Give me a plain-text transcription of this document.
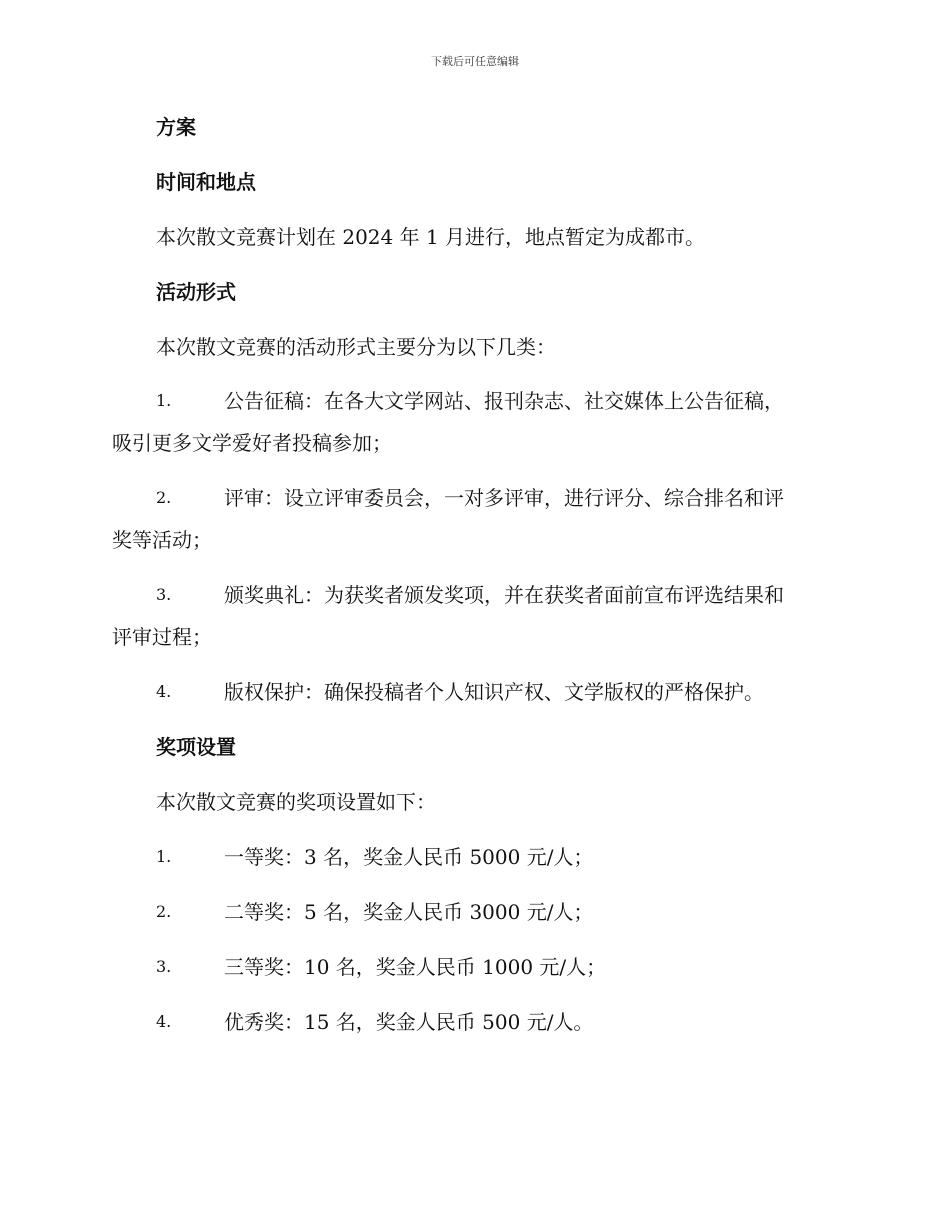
下载后可任意编辑
方案
时间和地点
本次散文竞赛计划在 2024 年 1 月进行，地点暂定为成都市。
活动形式
本次散文竞赛的活动形式主要分为以下几类：
1.	公告征稿：在各大文学网站、报刊杂志、社交媒体上公告征稿，
吸引更多文学爱好者投稿参加；
2.	评审：设立评审委员会，一对多评审，进行评分、综合排名和评
奖等活动；
3.	颁奖典礼：为获奖者颁发奖项，并在获奖者面前宣布评选结果和
评审过程；
4.	版权保护：确保投稿者个人知识产权、文学版权的严格保护。
奖项设置
本次散文竞赛的奖项设置如下：
1.	一等奖：3 名，奖金人民币 5000 元/人；
2.	二等奖：5 名，奖金人民币 3000 元/人；
3.	三等奖：10 名，奖金人民币 1000 元/人；
4.	优秀奖：15 名，奖金人民币 500 元/人。
